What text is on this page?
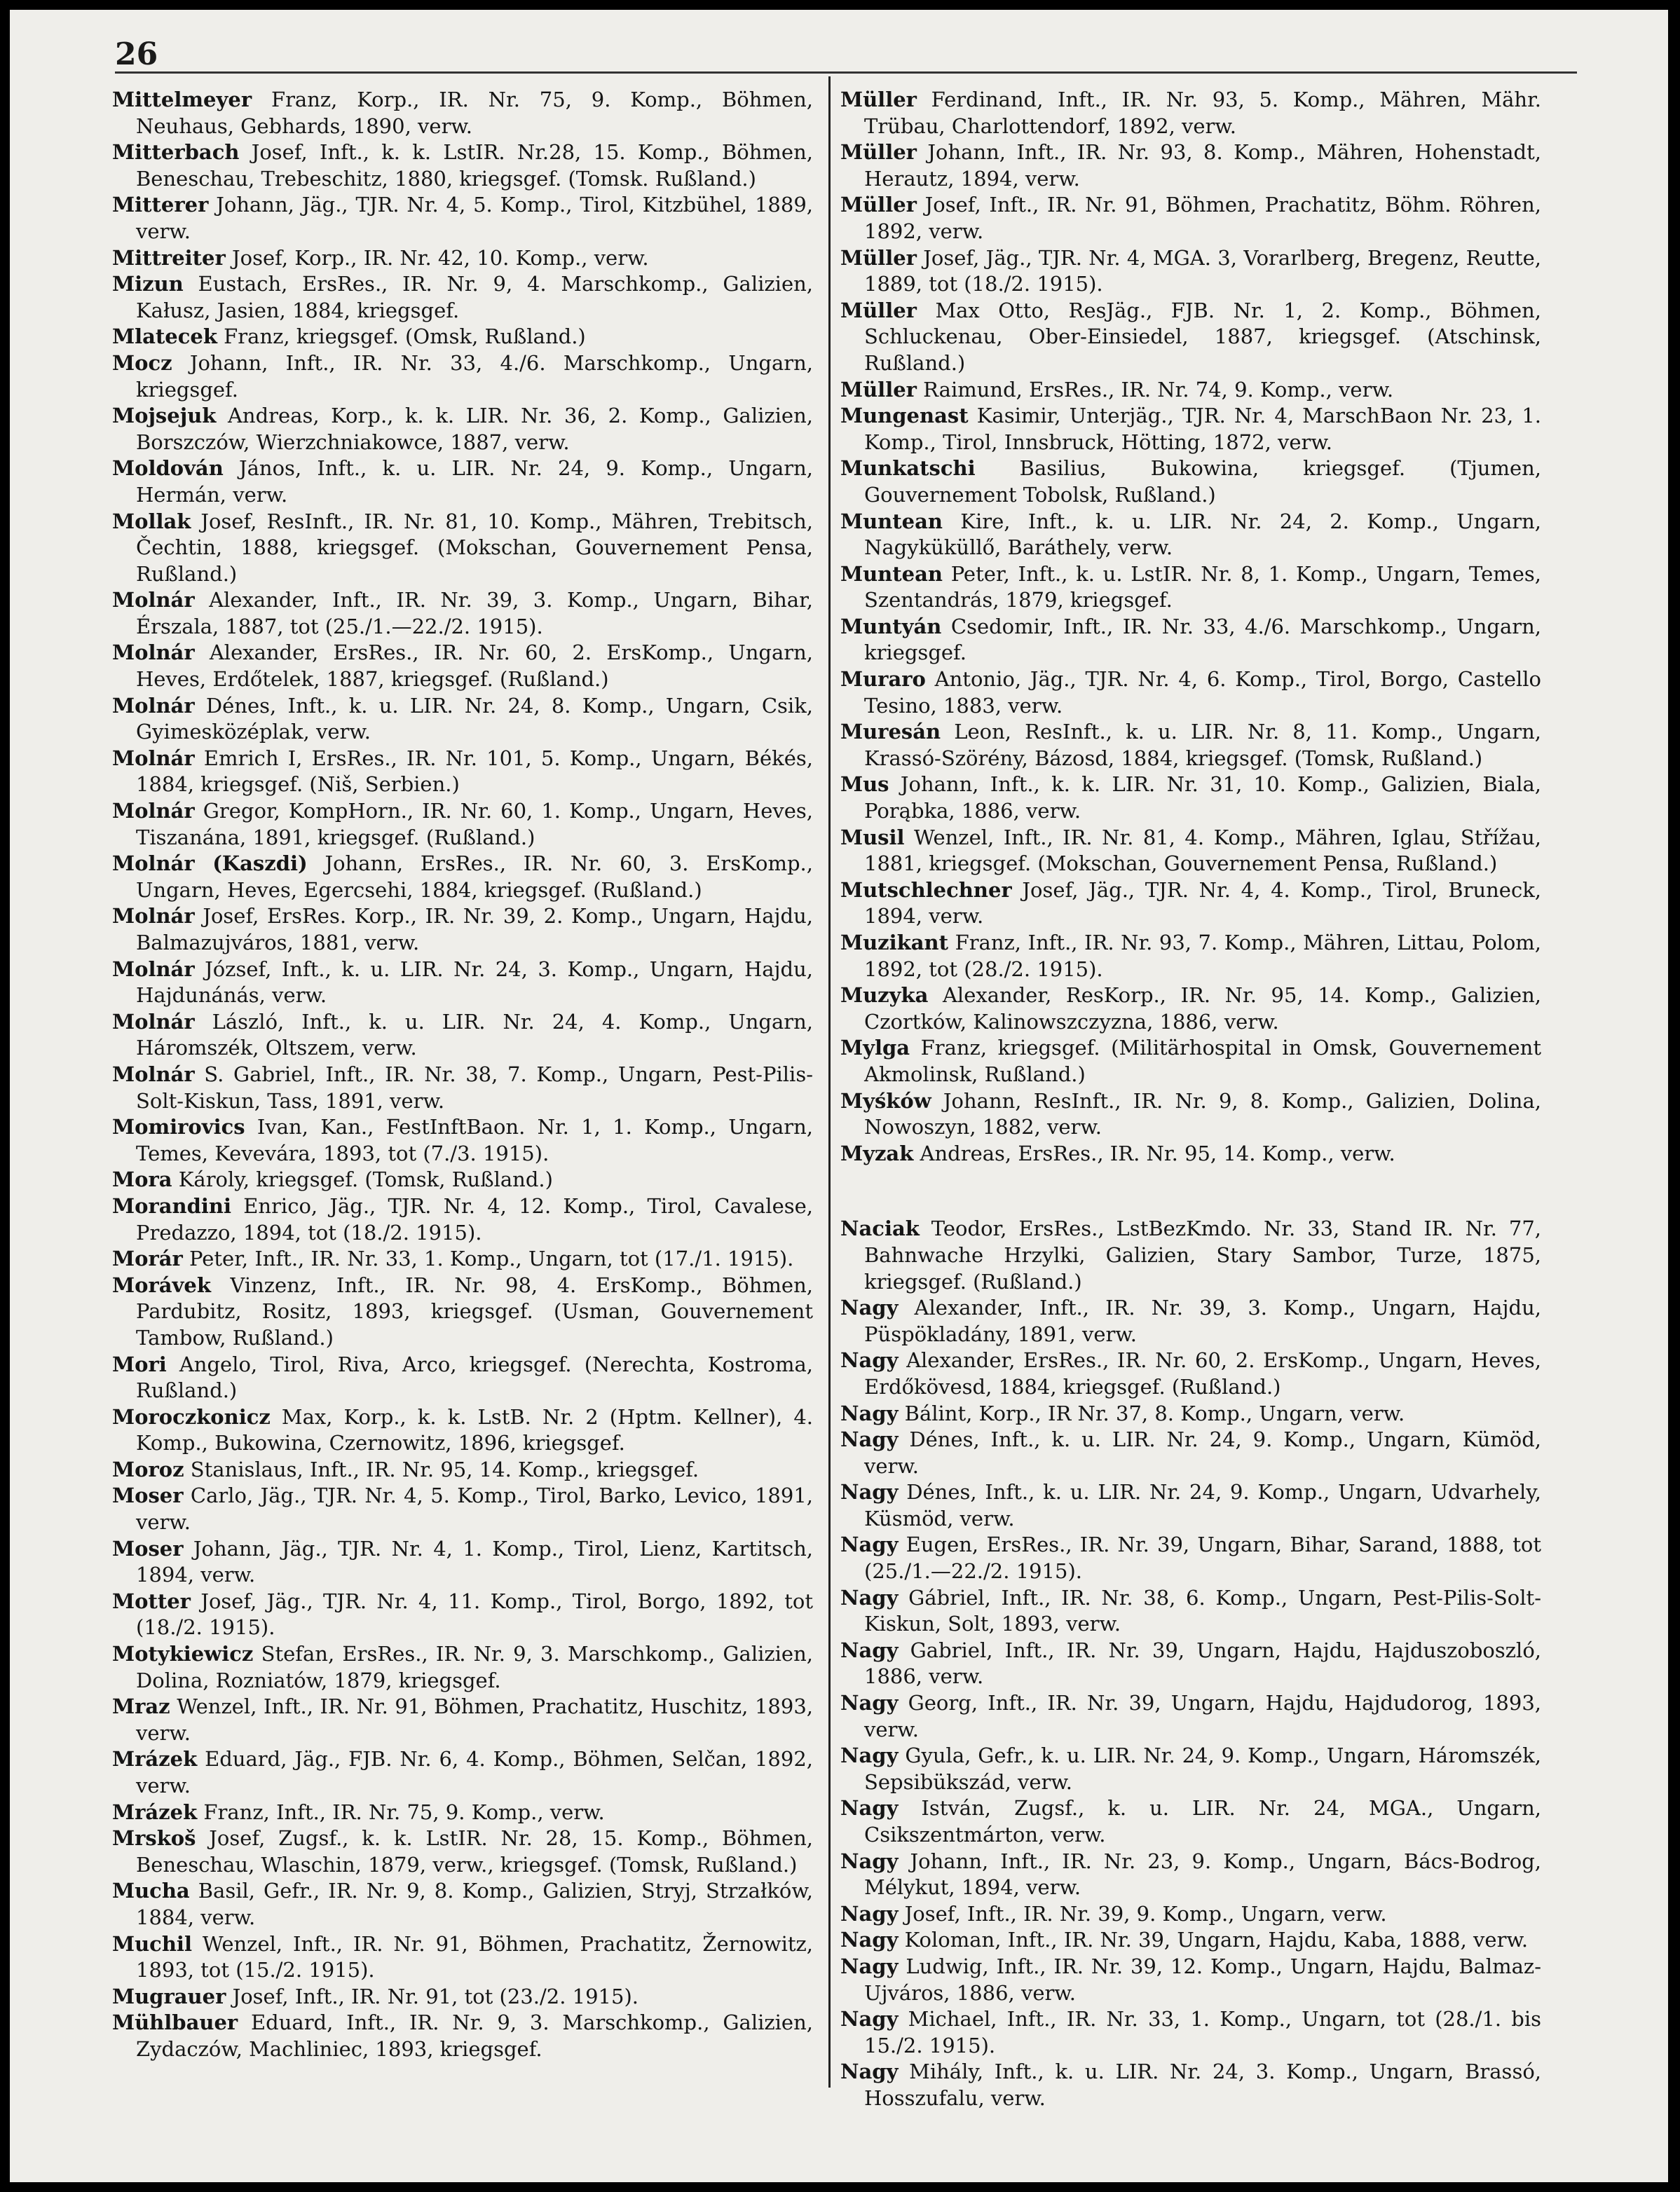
26

Mittelmeyer Franz, Korp., IR. Nr. 75, 9. Komp., Böhmen, Neuhaus, Gebhards, 1890, verw.

Mitterbach Josef, Inft., k. k. LstIR. Nr.28, 15. Komp., Böhmen, Beneschau, Trebeschitz, 1880, kriegsgef. (Tomsk. Rußland.)

Mitterer Johann, Jäg., TJR. Nr. 4, 5. Komp., Tirol, Kitzbühel, 1889, verw.

Mittreiter Josef, Korp., IR. Nr. 42, 10. Komp., verw.

Mizun Eustach, ErsRes., IR. Nr. 9, 4. Marschkomp., Galizien, Kałusz, Jasien, 1884, kriegsgef.

Mlatecek Franz, kriegsgef. (Omsk, Rußland.)

Mocz Johann, Inft., IR. Nr. 33, 4./6. Marschkomp., Ungarn, kriegsgef.

Mojsejuk Andreas, Korp., k. k. LIR. Nr. 36, 2. Komp., Galizien, Borszczów, Wierzchniakowce, 1887, verw.

Moldován János, Inft., k. u. LIR. Nr. 24, 9. Komp., Ungarn, Hermán, verw.

Mollak Josef, ResInft., IR. Nr. 81, 10. Komp., Mähren, Trebitsch, Čechtin, 1888, kriegsgef. (Mokschan, Gouvernement Pensa, Rußland.)

Molnár Alexander, Inft., IR. Nr. 39, 3. Komp., Ungarn, Bihar, Érszala, 1887, tot (25./1.—22./2. 1915).

Molnár Alexander, ErsRes., IR. Nr. 60, 2. ErsKomp., Ungarn, Heves, Erdőtelek, 1887, kriegsgef. (Rußland.)

Molnár Dénes, Inft., k. u. LIR. Nr. 24, 8. Komp., Ungarn, Csik, Gyimesközéplak, verw.

Molnár Emrich I, ErsRes., IR. Nr. 101, 5. Komp., Ungarn, Békés, 1884, kriegsgef. (Niš, Serbien.)

Molnár Gregor, KompHorn., IR. Nr. 60, 1. Komp., Ungarn, Heves, Tiszanána, 1891, kriegsgef. (Rußland.)

Molnár (Kaszdi) Johann, ErsRes., IR. Nr. 60, 3. ErsKomp., Ungarn, Heves, Egercsehi, 1884, kriegsgef. (Rußland.)

Molnár Josef, ErsRes. Korp., IR. Nr. 39, 2. Komp., Ungarn, Hajdu, Balmazujváros, 1881, verw.

Molnár József, Inft., k. u. LIR. Nr. 24, 3. Komp., Ungarn, Hajdu, Hajdunánás, verw.

Molnár László, Inft., k. u. LIR. Nr. 24, 4. Komp., Ungarn, Háromszék, Oltszem, verw.

Molnár S. Gabriel, Inft., IR. Nr. 38, 7. Komp., Ungarn, Pest-Pilis-Solt-Kiskun, Tass, 1891, verw.

Momirovics Ivan, Kan., FestInftBaon. Nr. 1, 1. Komp., Ungarn, Temes, Kevevára, 1893, tot (7./3. 1915).

Mora Károly, kriegsgef. (Tomsk, Rußland.)

Morandini Enrico, Jäg., TJR. Nr. 4, 12. Komp., Tirol, Cavalese, Predazzo, 1894, tot (18./2. 1915).

Morár Peter, Inft., IR. Nr. 33, 1. Komp., Ungarn, tot (17./1. 1915).

Morávek Vinzenz, Inft., IR. Nr. 98, 4. ErsKomp., Böhmen, Pardubitz, Rositz, 1893, kriegsgef. (Usman, Gouvernement Tambow, Rußland.)

Mori Angelo, Tirol, Riva, Arco, kriegsgef. (Nerechta, Kostroma, Rußland.)

Moroczkonicz Max, Korp., k. k. LstB. Nr. 2 (Hptm. Kellner), 4. Komp., Bukowina, Czernowitz, 1896, kriegsgef.

Moroz Stanislaus, Inft., IR. Nr. 95, 14. Komp., kriegsgef.

Moser Carlo, Jäg., TJR. Nr. 4, 5. Komp., Tirol, Barko, Levico, 1891, verw.

Moser Johann, Jäg., TJR. Nr. 4, 1. Komp., Tirol, Lienz, Kartitsch, 1894, verw.

Motter Josef, Jäg., TJR. Nr. 4, 11. Komp., Tirol, Borgo, 1892, tot (18./2. 1915).

Motykiewicz Stefan, ErsRes., IR. Nr. 9, 3. Marschkomp., Galizien, Dolina, Rozniatów, 1879, kriegsgef.

Mraz Wenzel, Inft., IR. Nr. 91, Böhmen, Prachatitz, Huschitz, 1893, verw.

Mrázek Eduard, Jäg., FJB. Nr. 6, 4. Komp., Böhmen, Selčan, 1892, verw.

Mrázek Franz, Inft., IR. Nr. 75, 9. Komp., verw.

Mrskoš Josef, Zugsf., k. k. LstIR. Nr. 28, 15. Komp., Böhmen, Beneschau, Wlaschin, 1879, verw., kriegsgef. (Tomsk, Rußland.)

Mucha Basil, Gefr., IR. Nr. 9, 8. Komp., Galizien, Stryj, Strzałków, 1884, verw.

Muchil Wenzel, Inft., IR. Nr. 91, Böhmen, Prachatitz, Žernowitz, 1893, tot (15./2. 1915).

Mugrauer Josef, Inft., IR. Nr. 91, tot (23./2. 1915).

Mühlbauer Eduard, Inft., IR. Nr. 9, 3. Marschkomp., Galizien, Zydaczów, Machliniec, 1893, kriegsgef.

Müller Ferdinand, Inft., IR. Nr. 93, 5. Komp., Mähren, Mähr. Trübau, Charlottendorf, 1892, verw.

Müller Johann, Inft., IR. Nr. 93, 8. Komp., Mähren, Hohenstadt, Herautz, 1894, verw.

Müller Josef, Inft., IR. Nr. 91, Böhmen, Prachatitz, Böhm. Röhren, 1892, verw.

Müller Josef, Jäg., TJR. Nr. 4, MGA. 3, Vorarlberg, Bregenz, Reutte, 1889, tot (18./2. 1915).

Müller Max Otto, ResJäg., FJB. Nr. 1, 2. Komp., Böhmen, Schluckenau, Ober-Einsiedel, 1887, kriegsgef. (Atschinsk, Rußland.)

Müller Raimund, ErsRes., IR. Nr. 74, 9. Komp., verw.

Mungenast Kasimir, Unterjäg., TJR. Nr. 4, MarschBaon Nr. 23, 1. Komp., Tirol, Innsbruck, Hötting, 1872, verw.

Munkatschi Basilius, Bukowina, kriegsgef. (Tjumen, Gouvernement Tobolsk, Rußland.)

Muntean Kire, Inft., k. u. LIR. Nr. 24, 2. Komp., Ungarn, Nagyküküllő, Baráthely, verw.

Muntean Peter, Inft., k. u. LstIR. Nr. 8, 1. Komp., Ungarn, Temes, Szentandrás, 1879, kriegsgef.

Muntyán Csedomir, Inft., IR. Nr. 33, 4./6. Marschkomp., Ungarn, kriegsgef.

Muraro Antonio, Jäg., TJR. Nr. 4, 6. Komp., Tirol, Borgo, Castello Tesino, 1883, verw.

Muresán Leon, ResInft., k. u. LIR. Nr. 8, 11. Komp., Ungarn, Krassó-Szörény, Bázosd, 1884, kriegsgef. (Tomsk, Rußland.)

Mus Johann, Inft., k. k. LIR. Nr. 31, 10. Komp., Galizien, Biala, Porąbka, 1886, verw.

Musil Wenzel, Inft., IR. Nr. 81, 4. Komp., Mähren, Iglau, Střížau, 1881, kriegsgef. (Mokschan, Gouvernement Pensa, Rußland.)

Mutschlechner Josef, Jäg., TJR. Nr. 4, 4. Komp., Tirol, Bruneck, 1894, verw.

Muzikant Franz, Inft., IR. Nr. 93, 7. Komp., Mähren, Littau, Polom, 1892, tot (28./2. 1915).

Muzyka Alexander, ResKorp., IR. Nr. 95, 14. Komp., Galizien, Czortków, Kalinowszczyzna, 1886, verw.

Mylga Franz, kriegsgef. (Militärhospital in Omsk, Gouvernement Akmolinsk, Rußland.)

Myśków Johann, ResInft., IR. Nr. 9, 8. Komp., Galizien, Dolina, Nowoszyn, 1882, verw.

Myzak Andreas, ErsRes., IR. Nr. 95, 14. Komp., verw.

Naciak Teodor, ErsRes., LstBezKmdo. Nr. 33, Stand IR. Nr. 77, Bahnwache Hrzylki, Galizien, Stary Sambor, Turze, 1875, kriegsgef. (Rußland.)

Nagy Alexander, Inft., IR. Nr. 39, 3. Komp., Ungarn, Hajdu, Püspökladány, 1891, verw.

Nagy Alexander, ErsRes., IR. Nr. 60, 2. ErsKomp., Ungarn, Heves, Erdőkövesd, 1884, kriegsgef. (Rußland.)

Nagy Bálint, Korp., IR Nr. 37, 8. Komp., Ungarn, verw.

Nagy Dénes, Inft., k. u. LIR. Nr. 24, 9. Komp., Ungarn, Kümöd, verw.

Nagy Dénes, Inft., k. u. LIR. Nr. 24, 9. Komp., Ungarn, Udvarhely, Küsmöd, verw.

Nagy Eugen, ErsRes., IR. Nr. 39, Ungarn, Bihar, Sarand, 1888, tot (25./1.—22./2. 1915).

Nagy Gábriel, Inft., IR. Nr. 38, 6. Komp., Ungarn, Pest-Pilis-Solt-Kiskun, Solt, 1893, verw.

Nagy Gabriel, Inft., IR. Nr. 39, Ungarn, Hajdu, Hajduszoboszló, 1886, verw.

Nagy Georg, Inft., IR. Nr. 39, Ungarn, Hajdu, Hajdudorog, 1893, verw.

Nagy Gyula, Gefr., k. u. LIR. Nr. 24, 9. Komp., Ungarn, Háromszék, Sepsibükszád, verw.

Nagy István, Zugsf., k. u. LIR. Nr. 24, MGA., Ungarn, Csikszentmárton, verw.

Nagy Johann, Inft., IR. Nr. 23, 9. Komp., Ungarn, Bács-Bodrog, Mélykut, 1894, verw.

Nagy Josef, Inft., IR. Nr. 39, 9. Komp., Ungarn, verw.

Nagy Koloman, Inft., IR. Nr. 39, Ungarn, Hajdu, Kaba, 1888, verw.

Nagy Ludwig, Inft., IR. Nr. 39, 12. Komp., Ungarn, Hajdu, Balmaz-Ujváros, 1886, verw.

Nagy Michael, Inft., IR. Nr. 33, 1. Komp., Ungarn, tot (28./1. bis 15./2. 1915).

Nagy Mihály, Inft., k. u. LIR. Nr. 24, 3. Komp., Ungarn, Brassó, Hosszufalu, verw.
